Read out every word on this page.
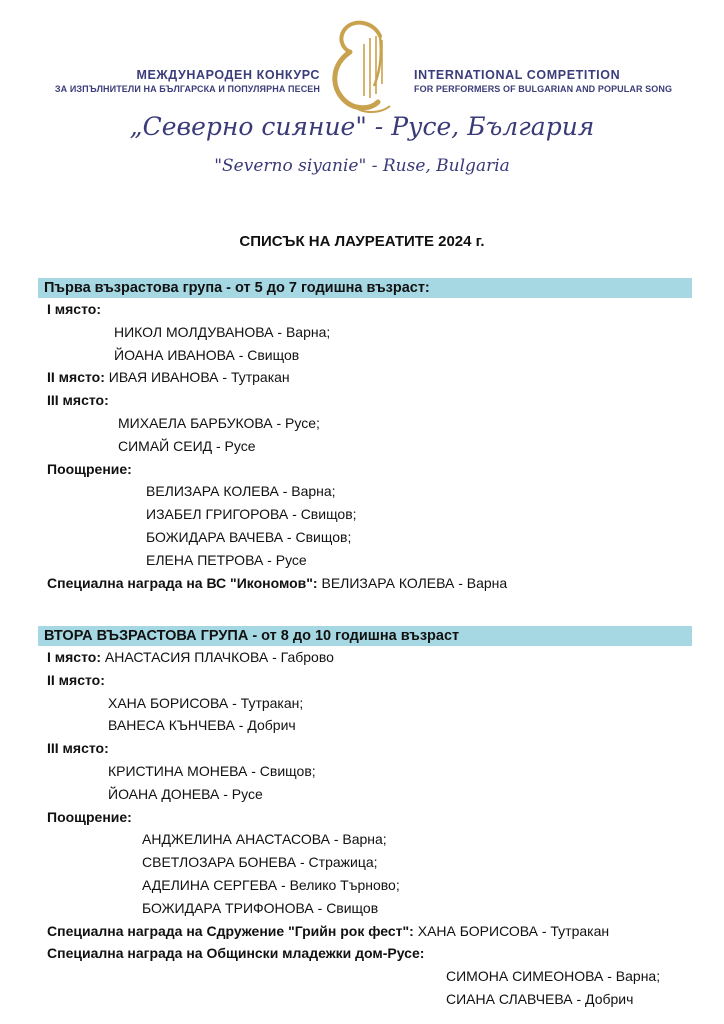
МЕЖДУНАРОДЕН КОНКУРС
ЗА ИЗПЪЛНИТЕЛИ НА БЪЛГАРСКА И ПОПУЛЯРНА ПЕСЕН
INTERNATIONAL COMPETITION
FOR PERFORMERS OF BULGARIAN AND POPULAR SONG
„Северно сияние" - Русе, България
"Severno siyanie" - Ruse, Bulgaria
СПИСЪК НА ЛАУРЕАТИТЕ 2024 г.
Първа възрастова група - от 5 до 7 годишна възраст:
I място:
НИКОЛ МОЛДУВАНОВА - Варна;
ЙОАНА ИВАНОВА - Свищов
II място: ИВАЯ ИВАНОВА - Тутракан
III място:
МИХАЕЛА БАРБУКОВА - Русе;
СИМАЙ СЕИД - Русе
Поощрение:
ВЕЛИЗАРА КОЛЕВА - Варна;
ИЗАБЕЛ ГРИГОРОВА - Свищов;
БОЖИДАРА ВАЧЕВА - Свищов;
ЕЛЕНА ПЕТРОВА - Русе
Специална награда на ВС "Икономов": ВЕЛИЗАРА КОЛЕВА - Варна
ВТОРА ВЪЗРАСТОВА ГРУПА - от 8 до 10 годишна възраст
I място: АНАСТАСИЯ ПЛАЧКОВА - Габрово
II място:
ХАНА БОРИСОВА - Тутракан;
ВАНЕСА КЪНЧЕВА - Добрич
III място:
КРИСТИНА МОНЕВА - Свищов;
ЙОАНА ДОНЕВА - Русе
Поощрение:
АНДЖЕЛИНА АНАСТАСОВА - Варна;
СВЕТЛОЗАРА БОНЕВА - Стражица;
АДЕЛИНА СЕРГЕВА - Велико Търново;
БОЖИДАРА ТРИФОНОВА - Свищов
Специална награда на Сдружение "Грийн рок фест": ХАНА БОРИСОВА - Тутракан
Специална награда на Общински младежки дом-Русе:
СИМОНА СИМЕОНОВА - Варна;
СИАНА СЛАВЧЕВА - Добрич
